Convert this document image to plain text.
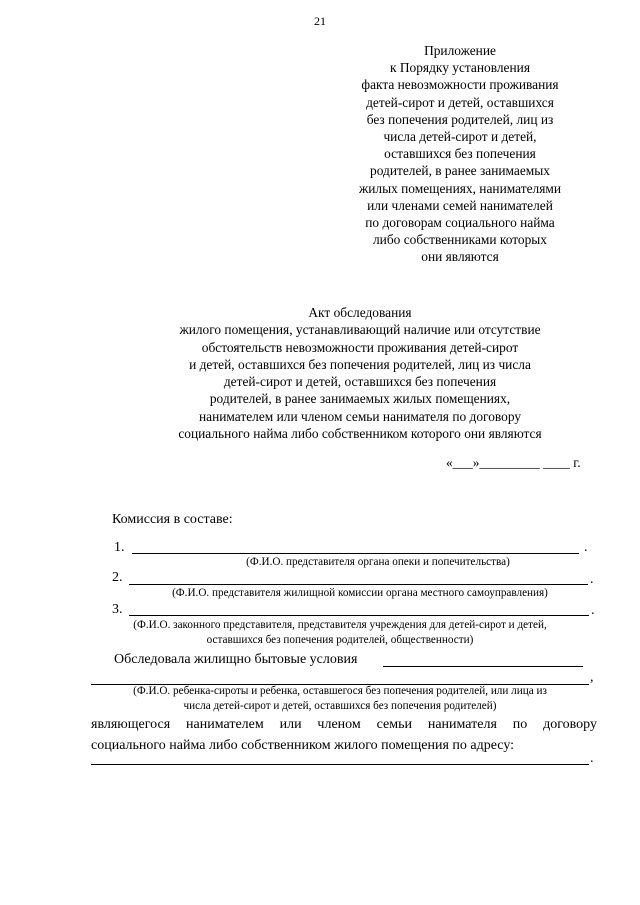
21
Приложение
к Порядку установления
факта невозможности проживания
детей-сирот и детей, оставшихся
без попечения родителей, лиц из
числа детей-сирот и детей,
оставшихся без попечения
родителей, в ранее занимаемых
жилых помещениях, нанимателями
или членами семей нанимателей
по договорам социального найма
либо собственниками которых
они являются
Акт обследования
жилого помещения, устанавливающий наличие или отсутствие
обстоятельств невозможности проживания детей-сирот
и детей, оставшихся без попечения родителей, лиц из числа
детей-сирот и детей, оставшихся без попечения
родителей, в ранее занимаемых жилых помещениях,
нанимателем или членом семьи нанимателя по договору
социального найма либо собственником которого они являются
«___»_________ ____ г.
Комиссия в составе:
1.	.
(Ф.И.О. представителя органа опеки и попечительства)
2.	.
(Ф.И.О. представителя жилищной комиссии органа местного самоуправления)
3.	.
(Ф.И.О. законного представителя, представителя учреждения для детей-сирот и детей,
оставшихся без попечения родителей, общественности)
Обследовала жилищно бытовые условия
,
(Ф.И.О. ребенка-сироты и ребенка, оставшегося без попечения родителей, или лица из
числа детей-сирот и детей, оставшихся без попечения родителей)
являющегося нанимателем или членом семьи нанимателя по договору
социального найма либо собственником жилого помещения по адресу:
.
